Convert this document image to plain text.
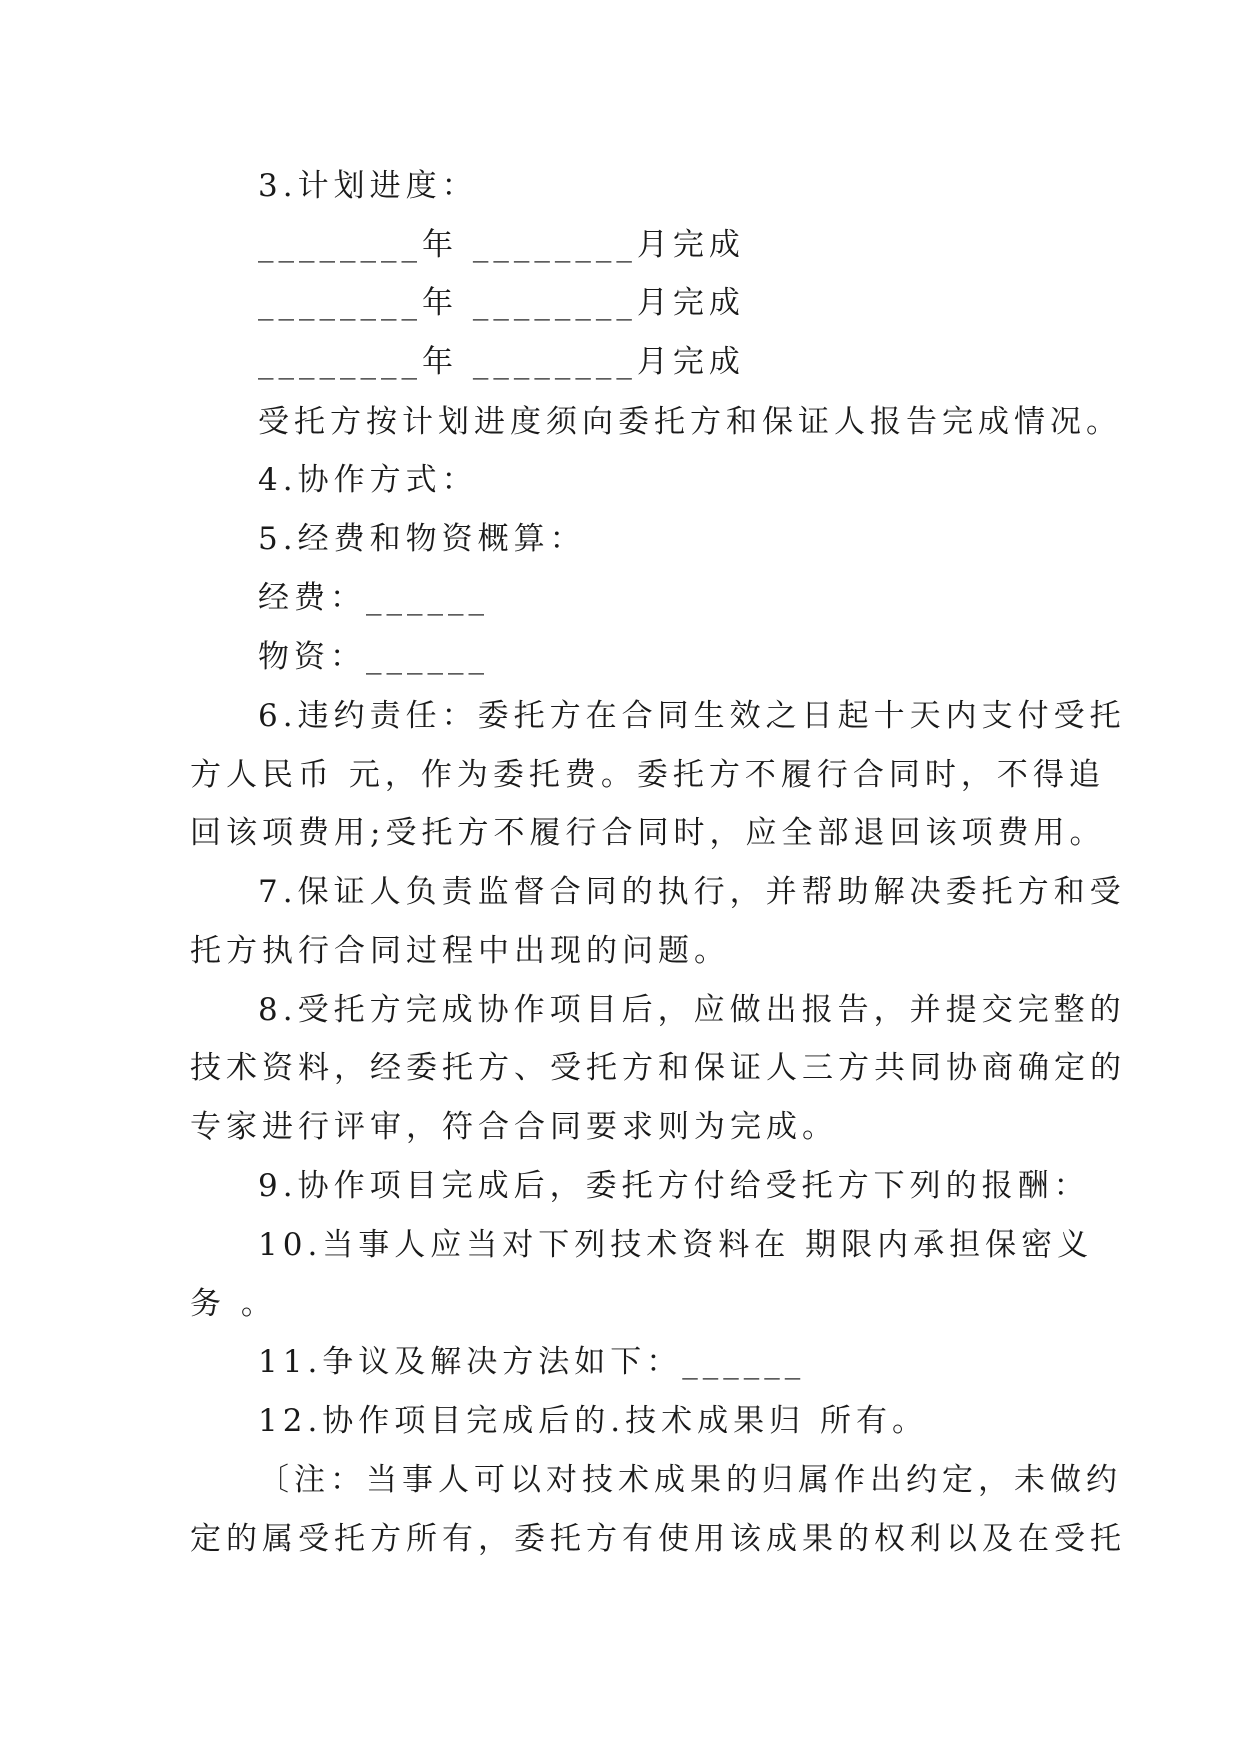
3.计划进度：
________年 ________月完成
________年 ________月完成
________年 ________月完成
受托方按计划进度须向委托方和保证人报告完成情况。
4.协作方式：
5.经费和物资概算：
经费：______
物资：______
6.违约责任：委托方在合同生效之日起十天内支付受托
方人民币 元，作为委托费。委托方不履行合同时，不得追
回该项费用;受托方不履行合同时，应全部退回该项费用。
7.保证人负责监督合同的执行，并帮助解决委托方和受
托方执行合同过程中出现的问题。
8.受托方完成协作项目后，应做出报告，并提交完整的
技术资料，经委托方、受托方和保证人三方共同协商确定的
专家进行评审，符合合同要求则为完成。
9.协作项目完成后，委托方付给受托方下列的报酬：
10.当事人应当对下列技术资料在 期限内承担保密义
务 。
11.争议及解决方法如下：______
12.协作项目完成后的.技术成果归 所有。
〔注：当事人可以对技术成果的归属作出约定，未做约
定的属受托方所有，委托方有使用该成果的权利以及在受托
